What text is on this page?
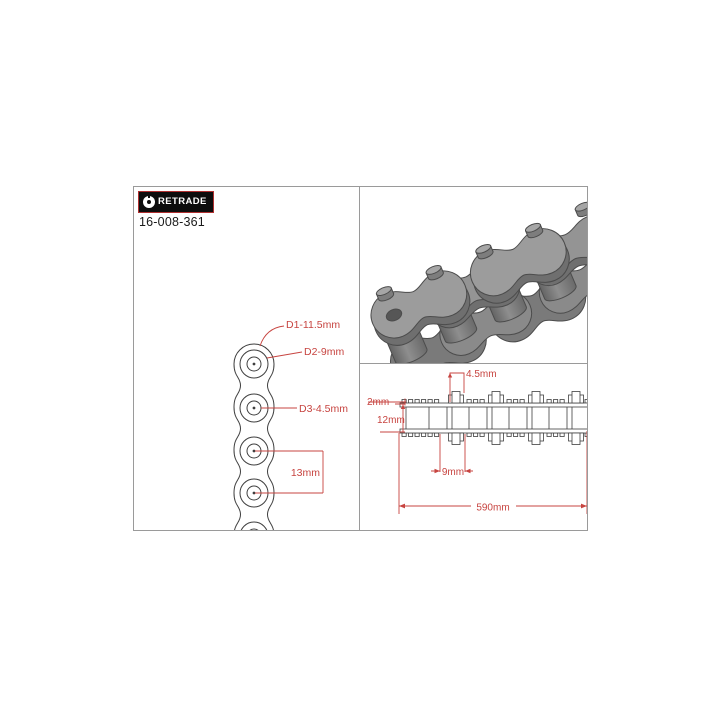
RETRADE
16-008-361
D1-11.5mm
D2-9mm
D3-4.5mm
13mm
4.5mm
2mm
12mm
9mm
590mm
